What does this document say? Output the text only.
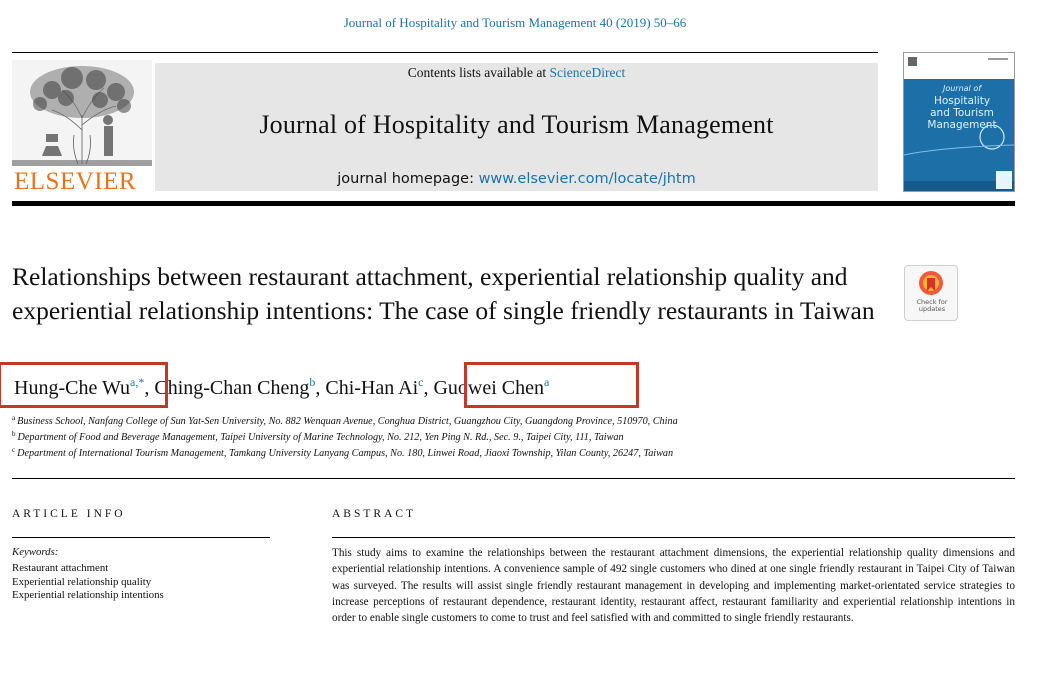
Journal of Hospitality and Tourism Management 40 (2019) 50–66
ELSEVIER
Contents lists available at ScienceDirect
Journal of Hospitality and Tourism Management
journal homepage: www.elsevier.com/locate/jhtm
Journal of
Hospitality
and Tourism
Management
Relationships between restaurant attachment, experiential relationship quality and experiential relationship intentions: The case of single friendly restaurants in Taiwan	Check for updates
Hung-Che $Wu^{a,*}$, Ching-Chan Cheng$^b$, Chi-Han Ai$^c$, Guowei Chen$^a$
$^a$ Business School, Nanfang College of Sun Yat-Sen University, No. 882 Wenquan Avenue, Conghua District, Guangzhou City, Guangdong Province, 510970, China
$^b$ Department of Food and Beverage Management, Taipei University of Marine Technology, No. 212, Yen Ping N. Rd., Sec. 9., Taipei City, 111, Taiwan
$^c$ Department of International Tourism Management, Tamkang University Lanyang Campus, No. 180, Linwei Road, Jiaoxi Township, Yilan County, 26247, Taiwan
ARTICLE INFO
Keywords:
Restaurant attachment
Experiential relationship quality
Experiential relationship intentions
ABSTRACT
This study aims to examine the relationships between the restaurant attachment dimensions, the experiential relationship quality dimensions and experiential relationship intentions. A convenience sample of 492 single customers who dined at one single friendly restaurant in Taipei City of Taiwan was surveyed. The results will assist single friendly restaurant management in developing and implementing market-orientated service strategies to increase perceptions of restaurant dependence, restaurant identity, restaurant affect, restaurant familiarity and experiential relationship intentions in order to enable single customers to come to trust and feel satisfied with and committed to single friendly restaurants.
